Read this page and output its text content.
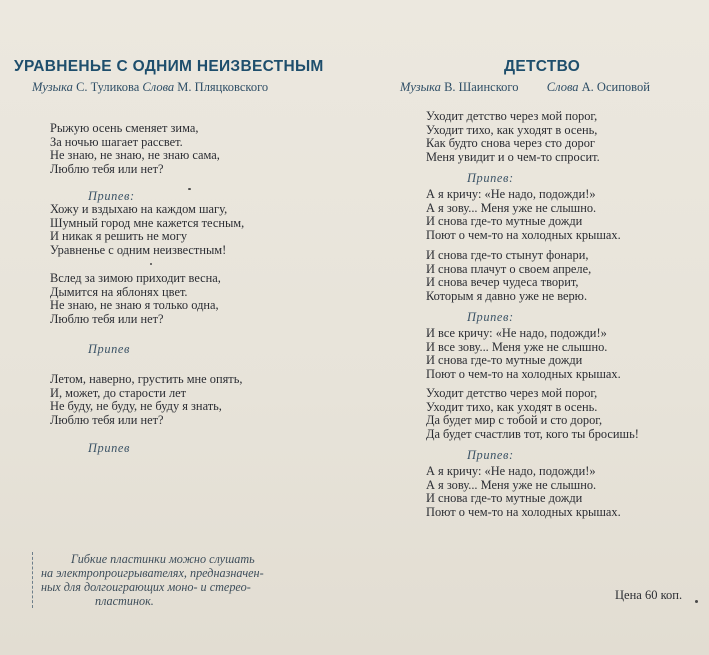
УРАВНЕНЬЕ С ОДНИМ НЕИЗВЕСТНЫМ
Музыка С. Туликова Слова М. Пляцковского
Рыжую осень сменяет зима,
За ночью шагает рассвет.
Не знаю, не знаю, не знаю сама,
Люблю тебя или нет?
Припев:
Хожу и вздыхаю на каждом шагу,
Шумный город мне кажется тесным,
И никак я решить не могу
Уравненье с одним неизвестным!
Вслед за зимою приходит весна,
Дымится на яблонях цвет.
Не знаю, не знаю я только одна,
Люблю тебя или нет?
Припев
Летом, наверно, грустить мне опять,
И, может, до старости лет
Не буду, не буду, не буду я знать,
Люблю тебя или нет?
Припев
Гибкие пластинки можно слушать
на электропроигрывателях, предназначен-
ных для долгоиграющих моно- и стерео-
пластинок.
ДЕТСТВО
Музыка В. Шаинского Слова А. Осиповой
Уходит детство через мой порог,
Уходит тихо, как уходят в осень,
Как будто снова через сто дорог
Меня увидит и о чем-то спросит.
Припев:
А я кричу: «Не надо, подожди!»
А я зову... Меня уже не слышно.
И снова где-то мутные дожди
Поют о чем-то на холодных крышах.
И снова где-то стынут фонари,
И снова плачут о своем апреле,
И снова вечер чудеса творит,
Которым я давно уже не верю.
Припев:
И все кричу: «Не надо, подожди!»
И все зову... Меня уже не слышно.
И снова где-то мутные дожди
Поют о чем-то на холодных крышах.
Уходит детство через мой порог,
Уходит тихо, как уходят в осень.
Да будет мир с тобой и сто дорог,
Да будет счастлив тот, кого ты бросишь!
Припев:
А я кричу: «Не надо, подожди!»
А я зову... Меня уже не слышно.
И снова где-то мутные дожди
Поют о чем-то на холодных крышах.
Цена 60 коп.
